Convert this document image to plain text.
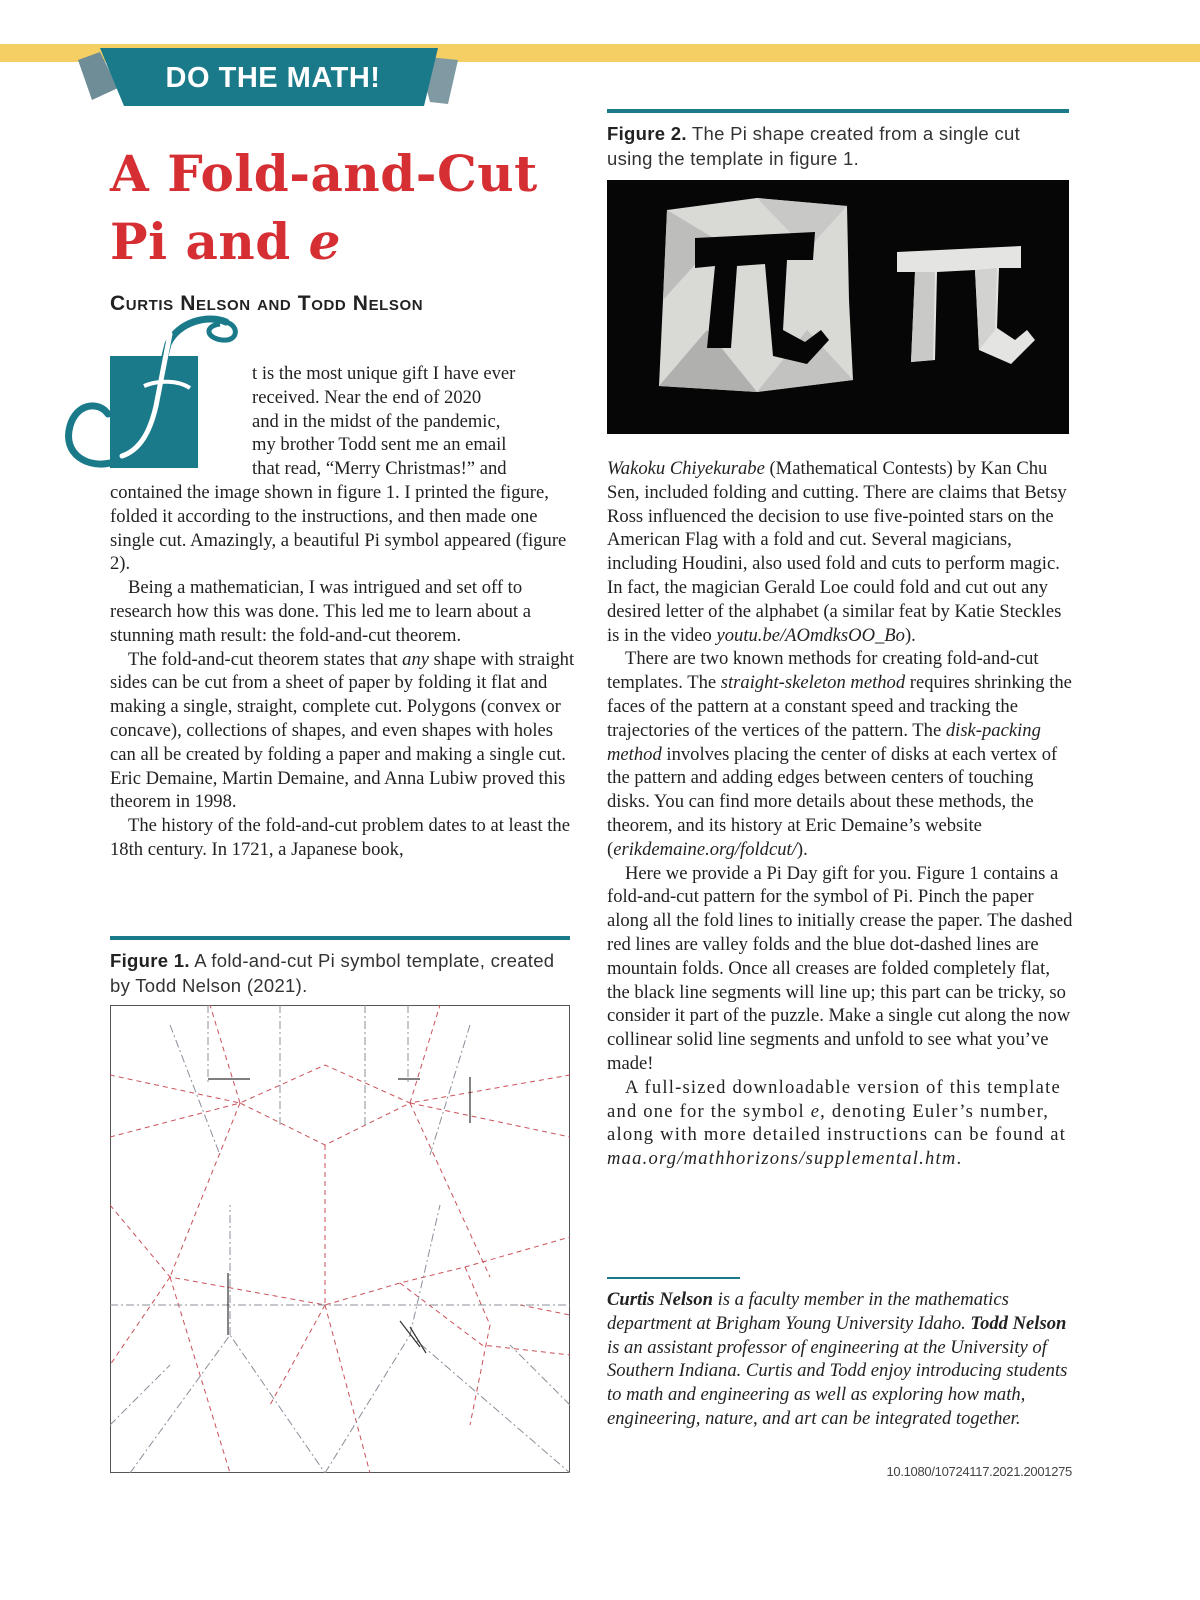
DO THE MATH!
A Fold-and-Cut
Pi and e
Curtis Nelson and Todd Nelson
I

t is the most unique gift I have ever
received. Near the end of 2020
and in the midst of the pandemic,
my brother Todd sent me an email
that read, “Merry Christmas!” and
contained the image shown in figure 1. I printed the figure, folded it according to the instructions, and then made one single cut. Amazingly, a beautiful Pi symbol appeared (figure 2).

Being a mathematician, I was intrigued and set off to research how this was done. This led me to learn about a stunning math result: the fold-and-cut theorem.

The fold-and-cut theorem states that any shape with straight sides can be cut from a sheet of paper by folding it flat and making a single, straight, complete cut. Polygons (convex or concave), collections of shapes, and even shapes with holes can all be created by folding a paper and making a single cut. Eric Demaine, Martin Demaine, and Anna Lubiw proved this theorem in 1998.

The history of the fold-and-cut problem dates to at least the 18th century. In 1721, a Japanese book,

Figure 1. A fold-and-cut Pi symbol template, created by Todd Nelson (2021).
Figure 2. The Pi shape created from a single cut using the template in figure 1.

Wakoku Chiyekurabe (Mathematical Contests) by Kan Chu Sen, included folding and cutting. There are claims that Betsy Ross influenced the decision to use five-pointed stars on the American Flag with a fold and cut. Several magicians, including Houdini, also used fold and cuts to perform magic. In fact, the magician Gerald Loe could fold and cut out any desired letter of the alphabet (a similar feat by Katie Steckles is in the video youtu.be/AOmdksOO_Bo).

There are two known methods for creating fold-and-cut templates. The straight-skeleton method requires shrinking the faces of the pattern at a constant speed and tracking the trajectories of the vertices of the pattern. The disk-packing method involves placing the center of disks at each vertex of the pattern and adding edges between centers of touching disks. You can find more details about these methods, the theorem, and its history at Eric Demaine’s website (erikdemaine.org/foldcut/).

Here we provide a Pi Day gift for you. Figure 1 contains a fold-and-cut pattern for the symbol of Pi. Pinch the paper along all the fold lines to initially crease the paper. The dashed red lines are valley folds and the blue dot-dashed lines are mountain folds. Once all creases are folded completely flat, the black line segments will line up; this part can be tricky, so consider it part of the puzzle. Make a single cut along the now collinear solid line segments and unfold to see what you’ve made!

A full-sized downloadable version of this template and one for the symbol e, denoting Euler’s number, along with more detailed instructions can be found at maa.org/mathhorizons/supplemental.htm.

Curtis Nelson is a faculty member in the mathematics department at Brigham Young University Idaho. Todd Nelson is an assistant professor of engineering at the University of Southern Indiana. Curtis and Todd enjoy introducing students to math and engineering as well as exploring how math, engineering, nature, and art can be integrated together.
10.1080/10724117.2021.2001275
